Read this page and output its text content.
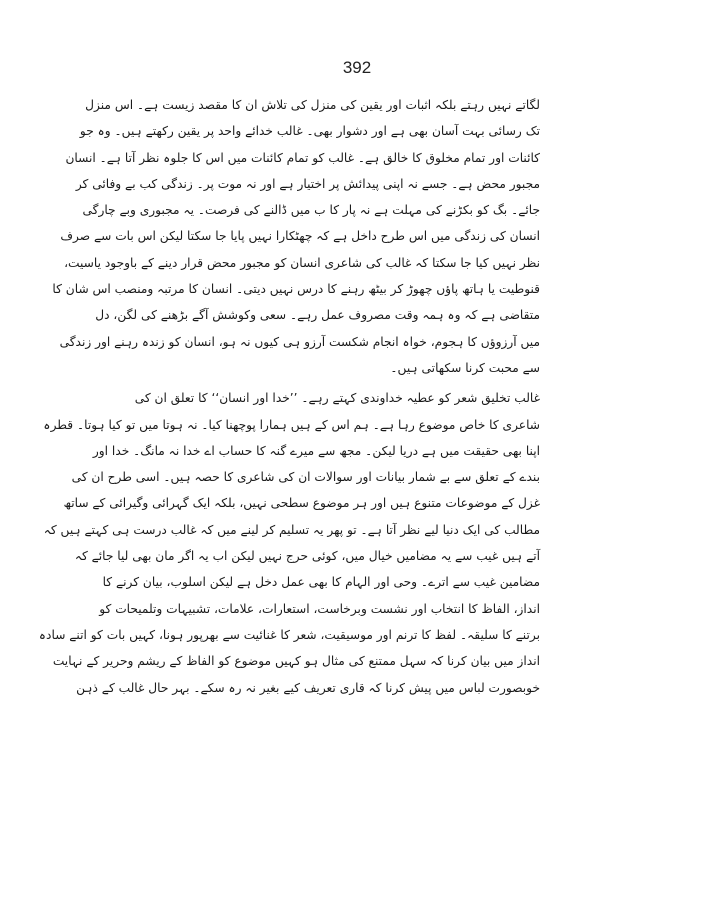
392
لگاتے نہیں رہتے بلکہ اثبات اور یقین کی منزل کی تلاش ان کا مقصد زیست ہے۔ اس منزل
تک رسائی بہت آسان بھی ہے اور دشوار بھی۔ غالب خدائے واحد پر یقین رکھتے ہیں۔ وہ جو
کائنات اور تمام مخلوق کا خالق ہے۔ غالب کو تمام کائنات میں اس کا جلوہ نظر آتا ہے۔ انسان
مجبور محض ہے۔ جسے نہ اپنی پیدائش پر اختیار ہے اور نہ موت پر۔ زندگی کب بے وفائی کر
جائے۔ بگ کو بکڑنے کی مہلت ہے نہ پار کا ب میں ڈالنے کی فرصت۔ یہ مجبوری وبے چارگی
انسان کی زندگی میں اس طرح داخل ہے کہ چھٹکارا نہیں پایا جا سکتا لیکن اس بات سے صرف
نظر نہیں کیا جا سکتا کہ غالب کی شاعری انسان کو مجبور محض قرار دینے کے باوجود یاسیت،
قنوطیت یا ہاتھ پاؤں چھوڑ کر بیٹھ رہنے کا درس نہیں دیتی۔ انسان کا مرتبہ ومنصب اس شان کا
متقاضی ہے کہ وہ ہمہ وقت مصروف عمل رہے۔ سعی وکوشش آگے بڑھنے کی لگن، دل
میں آرزوؤں کا ہجوم، خواہ انجام شکست آرزو ہی کیوں نہ ہو، انسان کو زندہ رہنے اور زندگی
سے محبت کرنا سکھاتی ہیں۔
غالب تخلیق شعر کو عطیہ خداوندی کہتے رہے۔ ’’خدا اور انسان‘‘ کا تعلق ان کی
شاعری کا خاص موضوع رہا ہے۔ ہم اس کے ہیں ہمارا پوچھنا کیا۔ نہ ہوتا میں تو کیا ہوتا۔ قطرہ
اپنا بھی حقیقت میں ہے دریا لیکن۔ مجھ سے میرے گنہ کا حساب اے خدا نہ مانگ۔ خدا اور
بندے کے تعلق سے بے شمار بیانات اور سوالات ان کی شاعری کا حصہ ہیں۔ اسی طرح ان کی
غزل کے موضوعات متنوع ہیں اور ہر موضوع سطحی نہیں، بلکہ ایک گہرائی وگیرائی کے ساتھ
مطالب کی ایک دنیا لیے نظر آتا ہے۔ تو پھر یہ تسلیم کر لینے میں کہ غالب درست ہی کہتے ہیں کہ
آتے ہیں غیب سے یہ مضامیں خیال میں، کوئی حرج نہیں لیکن اب یہ اگر مان بھی لیا جائے کہ
مضامین غیب سے اترے۔ وحی اور الہام کا بھی عمل دخل ہے لیکن اسلوب، بیان کرنے کا
انداز، الفاظ کا انتخاب اور نشست وبرخاست، استعارات، علامات، تشبیہات وتلمیحات کو
برتنے کا سلیقہ۔ لفظ کا ترنم اور موسیقیت، شعر کا غنائیت سے بھرپور ہونا، کہیں بات کو اتنے سادہ
انداز میں بیان کرنا کہ سہل ممتنع کی مثال ہو کہیں موضوع کو الفاظ کے ریشم وحریر کے نہایت
خوبصورت لباس میں پیش کرنا کہ قاری تعریف کیے بغیر نہ رہ سکے۔ بہر حال غالب کے ذہن
